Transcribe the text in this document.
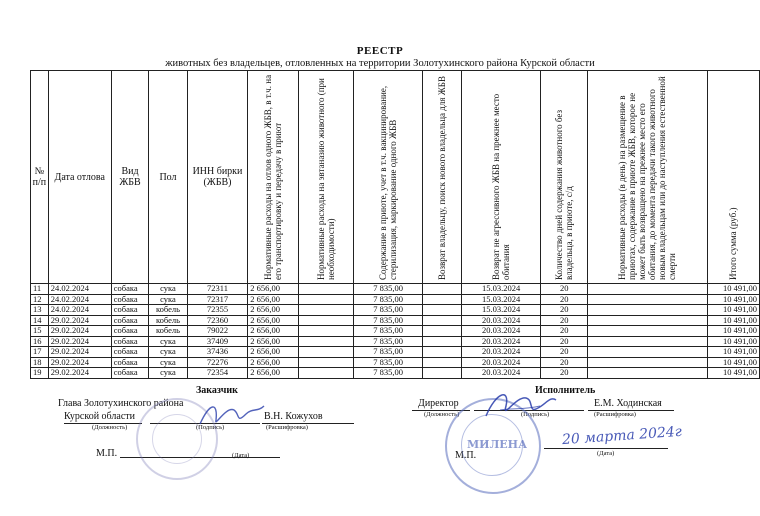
РЕЕСТР
животных без владельцев, отловленных на территории Золотухинского района Курской области
№ п/п	Дата отлова	Вид ЖБВ	Пол	ИНН бирки (ЖБВ)	Нормативные расходы на отлов одного ЖБВ, в т.ч. на его транспортировку и передачу в приют	Нормативные расходы на эвтаназию животного (при необходимости)	Содержание в приюте, учет в т.ч. вакцинирование, стерилизация, маркирование одного ЖБВ	Возврат владельцу, поиск нового владельца для ЖБВ	Возврат не агрессивного ЖБВ на прежнее место обитания	Количество дней содержания животного без владельца, в приюте, с/д	Нормативные расходы (в день) на размещение в приютах, содержание в приюте ЖБВ, которое не может быть возвращено на прежнее место его обитания, до момента передачи такого животного новым владельцам или до наступления естественной смерти	Итого сумма (руб.)

11	24.02.2024	собака	сука	72311	2 656,00		7 835,00		15.03.2024	20		10 491,00
12	24.02.2024	собака	сука	72317	2 656,00		7 835,00		15.03.2024	20		10 491,00
13	24.02.2024	собака	кобель	72355	2 656,00		7 835,00		15.03.2024	20		10 491,00
14	29.02.2024	собака	кобель	72360	2 656,00		7 835,00		20.03.2024	20		10 491,00
15	29.02.2024	собака	кобель	79022	2 656,00		7 835,00		20.03.2024	20		10 491,00
16	29.02.2024	собака	сука	37409	2 656,00		7 835,00		20.03.2024	20		10 491,00
17	29.02.2024	собака	сука	37436	2 656,00		7 835,00		20.03.2024	20		10 491,00
18	29.02.2024	собака	сука	72276	2 656,00		7 835,00		20.03.2024	20		10 491,00
19	29.02.2024	собака	сука	72354	2 656,00		7 835,00		20.03.2024	20		10 491,00
Заказчик
Глава Золотухинского района
Курской области	В.Н. Кожухов
(Должность)	(Подпись)	(Расшифровка)
М.П.	(Дата)
Исполнитель
Директор	Е.М. Ходинская
(Должность)	(Подпись)	(Расшифровка)
М.П.	(Дата)
20 марта 2024г
МИЛЕНА
